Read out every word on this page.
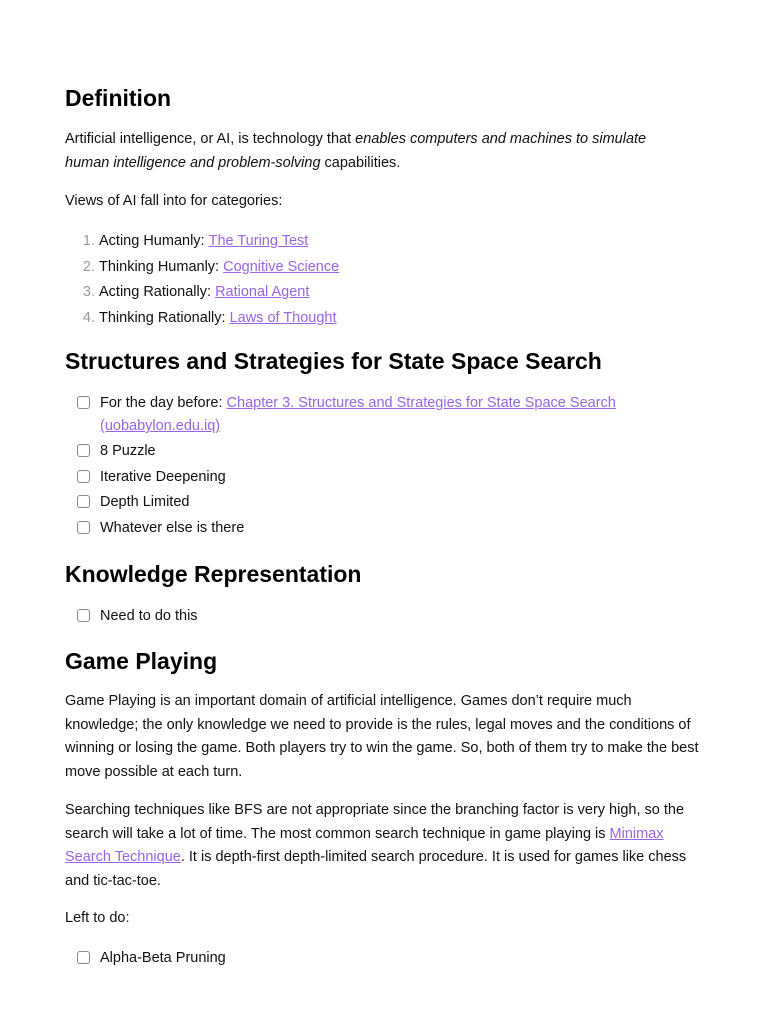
Definition

Artificial intelligence, or AI, is technology that enables computers and machines to simulate human intelligence and problem-solving capabilities.

Views of AI fall into for categories:

1. Acting Humanly: The Turing Test
2. Thinking Humanly: Cognitive Science
3. Acting Rationally: Rational Agent
4. Thinking Rationally: Laws of Thought
Structures and Strategies for State Space Search
For the day before: Chapter 3. Structures and Strategies for State Space Search (uobabylon.edu.iq)
8 Puzzle
Iterative Deepening
Depth Limited
Whatever else is there
Knowledge Representation
Need to do this
Game Playing

Game Playing is an important domain of artificial intelligence. Games don’t require much knowledge; the only knowledge we need to provide is the rules, legal moves and the conditions of winning or losing the game. Both players try to win the game. So, both of them try to make the best move possible at each turn.

Searching techniques like BFS are not appropriate since the branching factor is very high, so the search will take a lot of time. The most common search technique in game playing is Minimax Search Technique. It is depth-first depth-limited search procedure. It is used for games like chess and tic-tac-toe.

Left to do:

Alpha-Beta Pruning
